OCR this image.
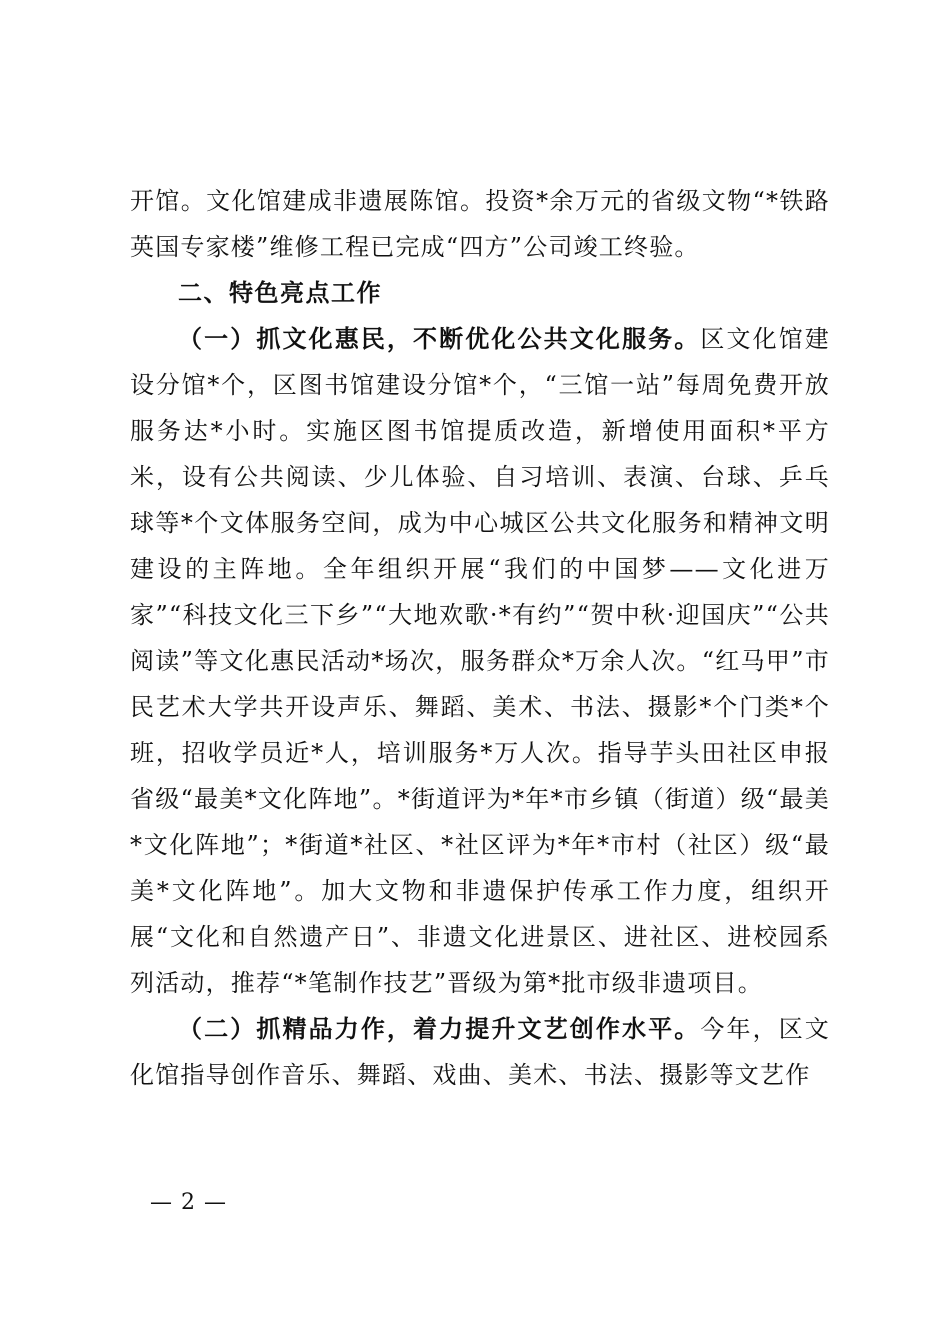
开馆。文化馆建成非遗展陈馆。投资*余万元的省级文物“*铁路英国专家楼”维修工程已完成“四方”公司竣工终验。

二、特色亮点工作

（一）抓文化惠民，不断优化公共文化服务。区文化馆建设分馆*个，区图书馆建设分馆*个，“三馆一站”每周免费开放服务达*小时。实施区图书馆提质改造，新增使用面积*平方米，设有公共阅读、少儿体验、自习培训、表演、台球、乒乓球等*个文体服务空间，成为中心城区公共文化服务和精神文明建设的主阵地。全年组织开展“我们的中国梦——文化进万家”“科技文化三下乡”“大地欢歌·*有约”“贺中秋·迎国庆”“公共阅读”等文化惠民活动*场次，服务群众*万余人次。“红马甲”市民艺术大学共开设声乐、舞蹈、美术、书法、摄影*个门类*个班，招收学员近*人，培训服务*万人次。指导芋头田社区申报省级“最美*文化阵地”。*街道评为*年*市乡镇（街道）级“最美*文化阵地”；*街道*社区、*社区评为*年*市村（社区）级“最美*文化阵地”。加大文物和非遗保护传承工作力度，组织开展“文化和自然遗产日”、非遗文化进景区、进社区、进校园系列活动，推荐“*笔制作技艺”晋级为第*批市级非遗项目。

（二）抓精品力作，着力提升文艺创作水平。今年，区文化馆指导创作音乐、舞蹈、戏曲、美术、书法、摄影等文艺作

— 2 —
